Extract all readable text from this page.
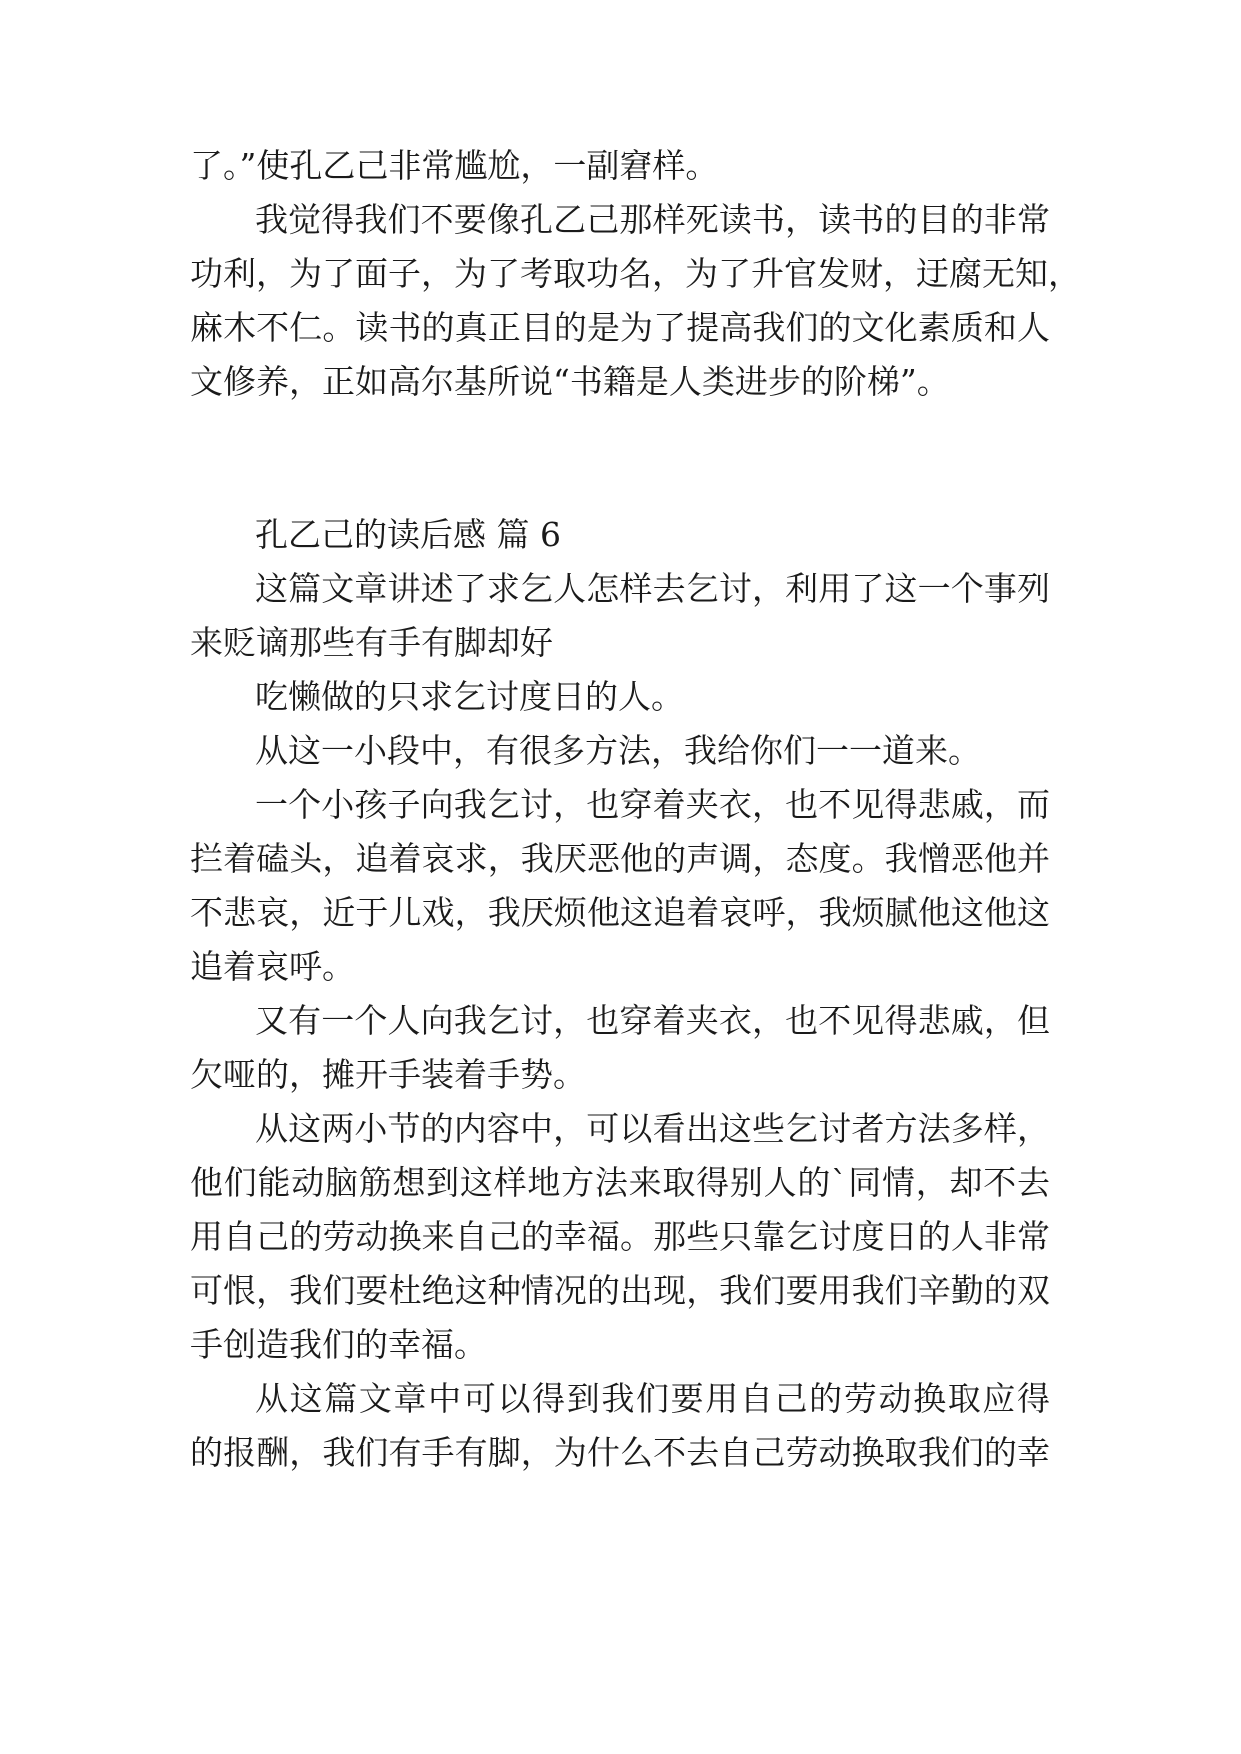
了。”使孔乙己非常尴尬，一副窘样。
我觉得我们不要像孔乙己那样死读书，读书的目的非常
功利，为了面子，为了考取功名，为了升官发财，迂腐无知，
麻木不仁。读书的真正目的是为了提高我们的文化素质和人
文修养，正如高尔基所说“书籍是人类进步的阶梯”。
孔乙己的读后感 篇 6
这篇文章讲述了求乞人怎样去乞讨，利用了这一个事列
来贬谪那些有手有脚却好
吃懒做的只求乞讨度日的人。
从这一小段中，有很多方法，我给你们一一道来。
一个小孩子向我乞讨，也穿着夹衣，也不见得悲戚，而
拦着磕头，追着哀求，我厌恶他的声调，态度。我憎恶他并
不悲哀，近于儿戏，我厌烦他这追着哀呼，我烦腻他这他这
追着哀呼。
又有一个人向我乞讨，也穿着夹衣，也不见得悲戚，但
欠哑的，摊开手装着手势。
从这两小节的内容中，可以看出这些乞讨者方法多样，
他们能动脑筋想到这样地方法来取得别人的`同情，却不去
用自己的劳动换来自己的幸福。那些只靠乞讨度日的人非常
可恨，我们要杜绝这种情况的出现，我们要用我们辛勤的双
手创造我们的幸福。
从这篇文章中可以得到我们要用自己的劳动换取应得
的报酬，我们有手有脚，为什么不去自己劳动换取我们的幸
